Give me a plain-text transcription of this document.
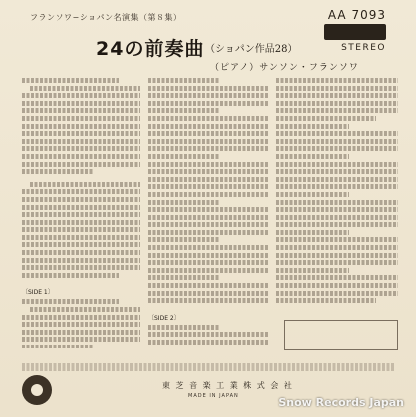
フランソワ−ショパン名演集（第８集）	AA 7093
STEREO
24の前奏曲 （ショパン作品28）
（ピアノ）サンソン・フランソワ
〔SIDE 1〕
〔SIDE 2〕
東 芝 音 楽 工 業 株 式 会 社
MADE IN JAPAN	Snow Records Japan
